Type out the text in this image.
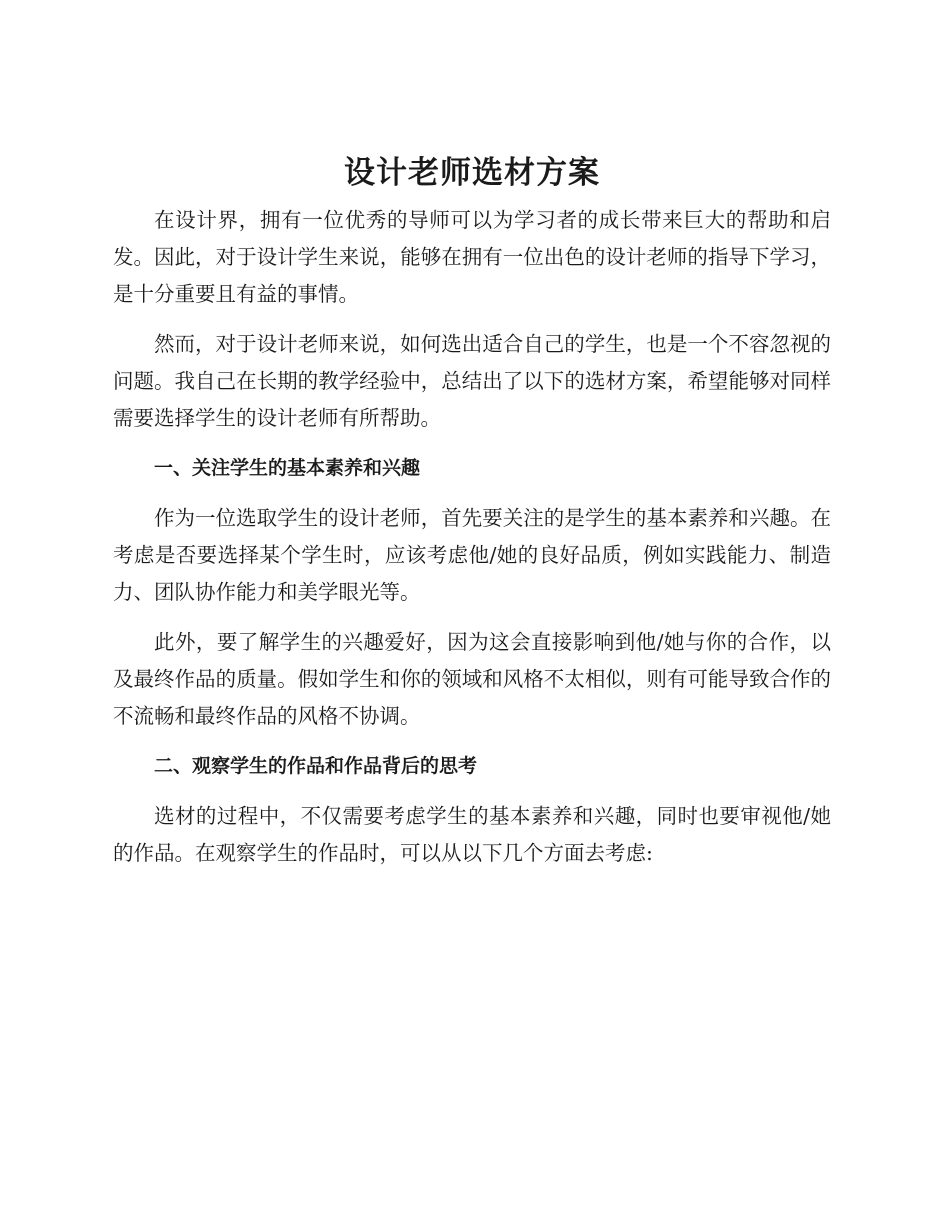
设计老师选材方案

在设计界，拥有一位优秀的导师可以为学习者的成长带来巨大的帮助和启发。因此，对于设计学生来说，能够在拥有一位出色的设计老师的指导下学习，是十分重要且有益的事情。

然而，对于设计老师来说，如何选出适合自己的学生，也是一个不容忽视的问题。我自己在长期的教学经验中，总结出了以下的选材方案，希望能够对同样需要选择学生的设计老师有所帮助。

一、关注学生的基本素养和兴趣

作为一位选取学生的设计老师，首先要关注的是学生的基本素养和兴趣。在考虑是否要选择某个学生时，应该考虑他/她的良好品质，例如实践能力、制造力、团队协作能力和美学眼光等。

此外，要了解学生的兴趣爱好，因为这会直接影响到他/她与你的合作，以及最终作品的质量。假如学生和你的领域和风格不太相似，则有可能导致合作的不流畅和最终作品的风格不协调。

二、观察学生的作品和作品背后的思考

选材的过程中，不仅需要考虑学生的基本素养和兴趣，同时也要审视他/她的作品。在观察学生的作品时，可以从以下几个方面去考虑:
